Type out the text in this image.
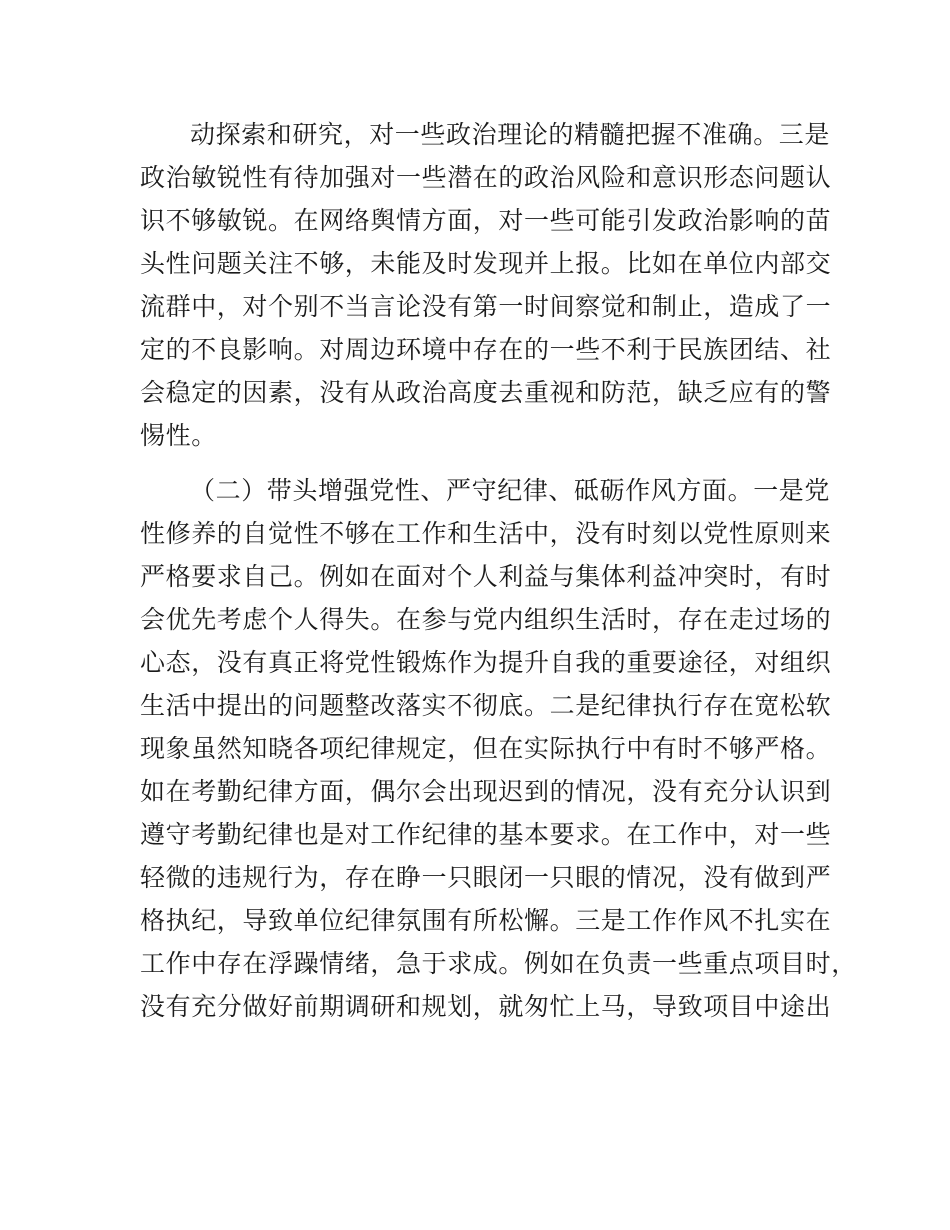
动探索和研究，对一些政治理论的精髓把握不准确。三是

政治敏锐性有待加强对一些潜在的政治风险和意识形态问题认

识不够敏锐。在网络舆情方面，对一些可能引发政治影响的苗

头性问题关注不够，未能及时发现并上报。比如在单位内部交

流群中，对个别不当言论没有第一时间察觉和制止，造成了一

定的不良影响。对周边环境中存在的一些不利于民族团结、社

会稳定的因素，没有从政治高度去重视和防范，缺乏应有的警

惕性。

（二）带头增强党性、严守纪律、砥砺作风方面。一是党

性修养的自觉性不够在工作和生活中，没有时刻以党性原则来

严格要求自己。例如在面对个人利益与集体利益冲突时，有时

会优先考虑个人得失。在参与党内组织生活时，存在走过场的

心态，没有真正将党性锻炼作为提升自我的重要途径，对组织

生活中提出的问题整改落实不彻底。二是纪律执行存在宽松软

现象虽然知晓各项纪律规定，但在实际执行中有时不够严格。

如在考勤纪律方面，偶尔会出现迟到的情况，没有充分认识到

遵守考勤纪律也是对工作纪律的基本要求。在工作中，对一些

轻微的违规行为，存在睁一只眼闭一只眼的情况，没有做到严

格执纪，导致单位纪律氛围有所松懈。三是工作作风不扎实在

工作中存在浮躁情绪，急于求成。例如在负责一些重点项目时，

没有充分做好前期调研和规划，就匆忙上马，导致项目中途出
